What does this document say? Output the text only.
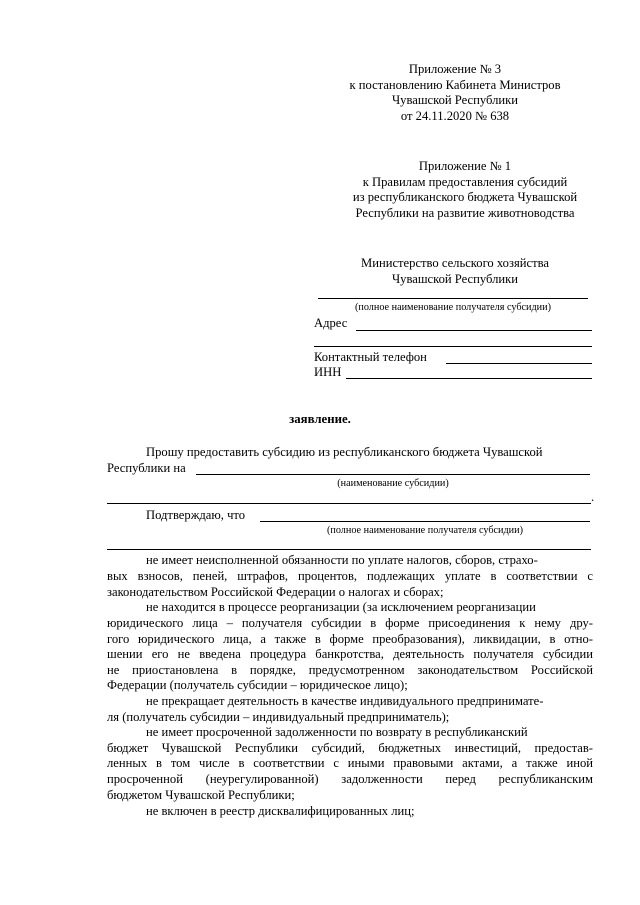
Приложение № 3
к постановлению Кабинета Министров
Чувашской Республики
от 24.11.2020 № 638
Приложение № 1
к Правилам предоставления субсидий
из республиканского бюджета Чувашской
Республики на развитие животноводства
Министерство сельского хозяйства
Чувашской Республики
(полное наименование получателя субсидии)
Адрес
Контактный телефон
ИНН
заявление.
Прошу предоставить субсидию из республиканского бюджета Чувашской
Республики на
(наименование субсидии)
.
Подтверждаю, что
(полное наименование получателя субсидии)
не имеет неисполненной обязанности по уплате налогов, сборов, страхо-
вых взносов, пеней, штрафов, процентов, подлежащих уплате в соответствии с
законодательством Российской Федерации о налогах и сборах;
не находится в процессе реорганизации (за исключением реорганизации
юридического лица – получателя субсидии в форме присоединения к нему дру-
гого юридического лица, а также в форме преобразования), ликвидации, в отно-
шении его не введена процедура банкротства, деятельность получателя субсидии
не приостановлена в порядке, предусмотренном законодательством Российской
Федерации (получатель субсидии – юридическое лицо);
не прекращает деятельность в качестве индивидуального предпринимате-
ля (получатель субсидии – индивидуальный предприниматель);
не имеет просроченной задолженности по возврату в республиканский
бюджет Чувашской Республики субсидий, бюджетных инвестиций, предостав-
ленных в том числе в соответствии с иными правовыми актами, а также иной
просроченной (неурегулированной) задолженности перед республиканским
бюджетом Чувашской Республики;
не включен в реестр дисквалифицированных лиц;
